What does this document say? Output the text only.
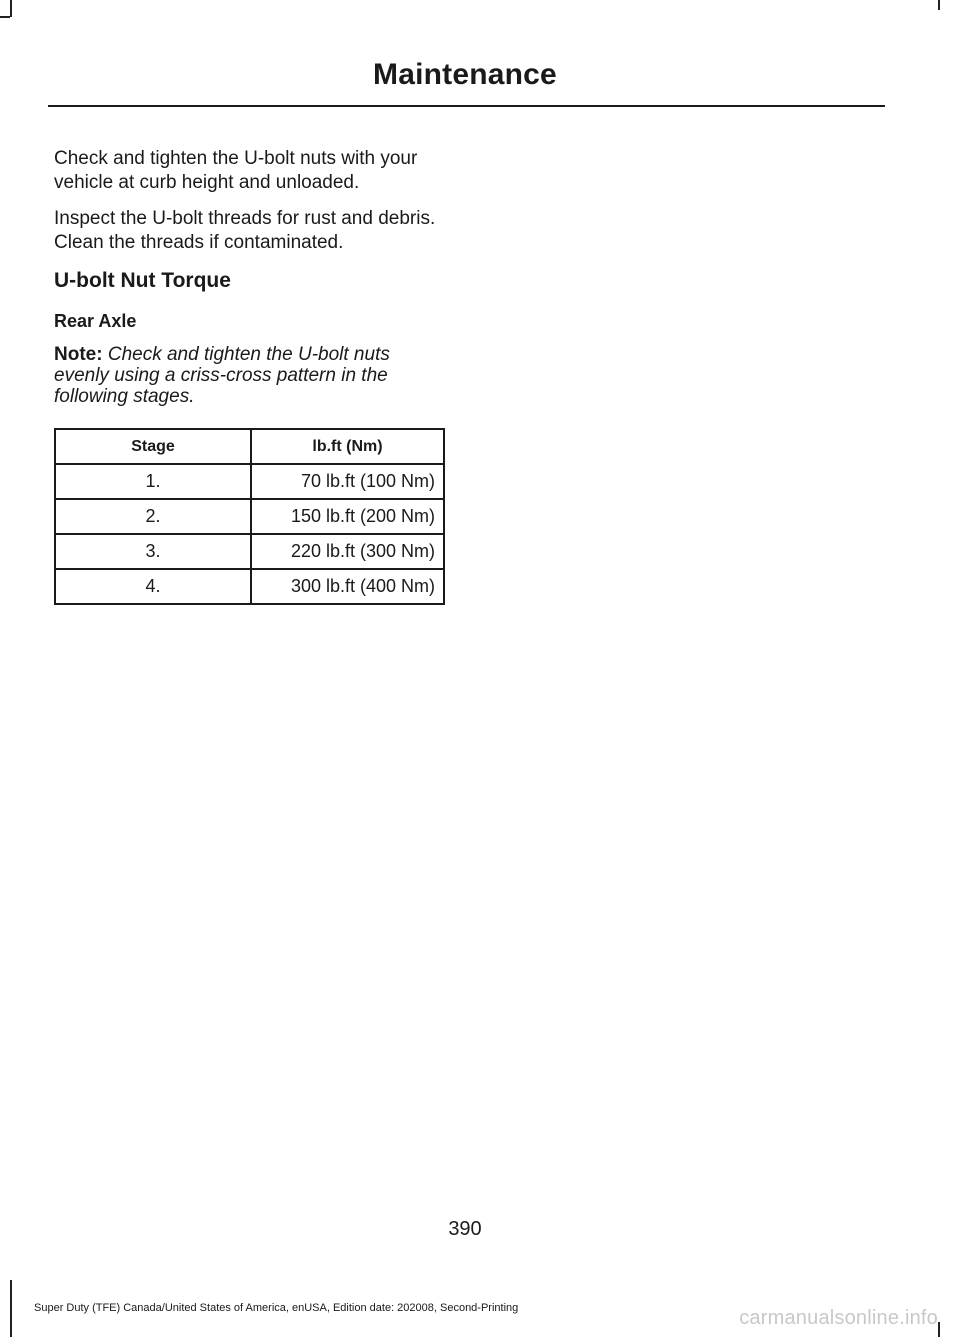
Maintenance

Check and tighten the U-bolt nuts with your vehicle at curb height and unloaded.

Inspect the U-bolt threads for rust and debris. Clean the threads if contaminated.

U-bolt Nut Torque
Rear Axle

Note: Check and tighten the U-bolt nuts evenly using a criss-cross pattern in the following stages.

Stage	lb.ft (Nm)
1.	70 lb.ft (100 Nm)
2.	150 lb.ft (200 Nm)
3.	220 lb.ft (300 Nm)
4.	300 lb.ft (400 Nm)
390
Super Duty (TFE) Canada/United States of America, enUSA, Edition date: 202008, Second-Printing	carmanualsonline.info
